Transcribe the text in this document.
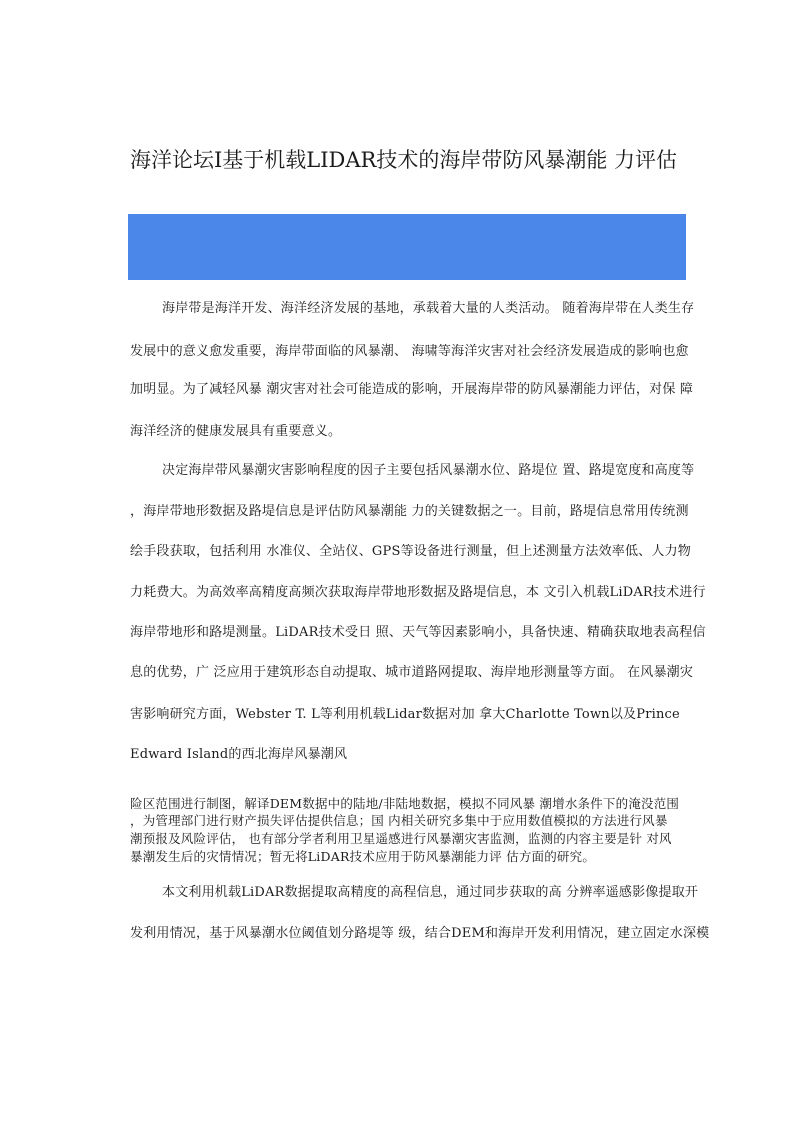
海洋论坛I基于机载LIDAR技术的海岸带防风暴潮能 力评估
海岸带是海洋开发、海洋经济发展的基地，承载着大量的人类活动。 随着海岸带在人类生存
发展中的意义愈发重要，海岸带面临的风暴潮、 海啸等海洋灾害对社会经济发展造成的影响也愈
加明显。为了减轻风暴 潮灾害对社会可能造成的影响，开展海岸带的防风暴潮能力评估，对保 障
海洋经济的健康发展具有重要意义。
决定海岸带风暴潮灾害影响程度的因子主要包括风暴潮水位、路堤位 置、路堤宽度和高度等
，海岸带地形数据及路堤信息是评估防风暴潮能 力的关键数据之一。目前，路堤信息常用传统测
绘手段获取，包括利用 水准仪、全站仪、GPS等设备进行测量，但上述测量方法效率低、人力物
力耗费大。为高效率高精度高频次获取海岸带地形数据及路堤信息，本 文引入机载LiDAR技术进行
海岸带地形和路堤测量。LiDAR技术受日 照、天气等因素影响小，具备快速、精确获取地表高程信
息的优势，广 泛应用于建筑形态自动提取、城市道路网提取、海岸地形测量等方面。 在风暴潮灾
害影响研究方面，Webster T. L等利用机载Lidar数据对加 拿大Charlotte Town以及Prince
Edward Island的西北海岸风暴潮风
险区范围进行制图，解译DEM数据中的陆地/非陆地数据，模拟不同风暴 潮增水条件下的淹没范围
，为管理部门进行财产损失评估提供信息；国 内相关研究多集中于应用数值模拟的方法进行风暴
潮预报及风险评估， 也有部分学者利用卫星遥感进行风暴潮灾害监测，监测的内容主要是针 对风
暴潮发生后的灾情情况；暂无将LiDAR技术应用于防风暴潮能力评 估方面的研究。
本文利用机载LiDAR数据提取高精度的高程信息，通过同步获取的高 分辨率遥感影像提取开
发利用情况，基于风暴潮水位阈值划分路堤等 级，结合DEM和海岸开发利用情况，建立固定水深模
